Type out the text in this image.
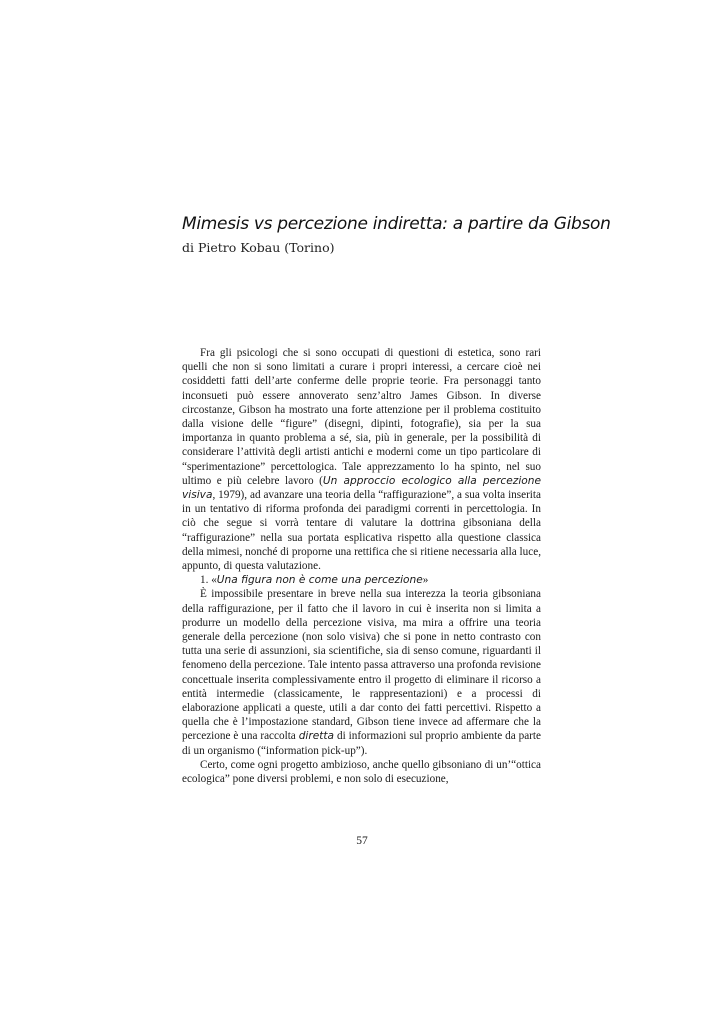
Mimesis vs percezione indiretta: a partire da Gibson
di Pietro Kobau (Torino)

Fra gli psicologi che si sono occupati di questioni di estetica, sono rari quelli che non si sono limitati a curare i propri interessi, a cercare cioè nei cosiddetti fatti dell’arte conferme delle proprie teorie. Fra personaggi tanto inconsueti può essere annoverato senz’altro James Gibson. In diverse circostanze, Gibson ha mostrato una forte attenzione per il problema costituito dalla visione delle “figure” (disegni, dipinti, fotografie), sia per la sua importanza in quanto problema a sé, sia, più in generale, per la possibilità di considerare l’attività degli artisti antichi e moderni come un tipo particolare di “sperimentazione” percettologica. Tale apprezzamento lo ha spinto, nel suo ultimo e più celebre lavoro (Un approccio ecologico alla percezione visiva, 1979), ad avanzare una teoria della “raffigurazione”, a sua volta inserita in un tentativo di riforma profonda dei paradigmi correnti in percettologia. In ciò che segue si vorrà tentare di valutare la dottrina gibsoniana della “raffigurazione” nella sua portata esplicativa rispetto alla questione classica della mimesi, nonché di proporne una rettifica che si ritiene necessaria alla luce, appunto, di questa valutazione.

1. «Una figura non è come una percezione»

È impossibile presentare in breve nella sua interezza la teoria gibsoniana della raffigurazione, per il fatto che il lavoro in cui è inserita non si limita a produrre un modello della percezione visiva, ma mira a offrire una teoria generale della percezione (non solo visiva) che si pone in netto contrasto con tutta una serie di assunzioni, sia scientifiche, sia di senso comune, riguardanti il fenomeno della percezione. Tale intento passa attraverso una profonda revisione concettuale inserita complessivamente entro il progetto di eliminare il ricorso a entità intermedie (classicamente, le rappresentazioni) e a processi di elaborazione applicati a queste, utili a dar conto dei fatti percettivi. Rispetto a quella che è l’impostazione standard, Gibson tiene invece ad affermare che la percezione è una raccolta diretta di informazioni sul proprio ambiente da parte di un organismo (“information pick-up”).

Certo, come ogni progetto ambizioso, anche quello gibsoniano di un’“ottica ecologica” pone diversi problemi, e non solo di esecuzione,

57
